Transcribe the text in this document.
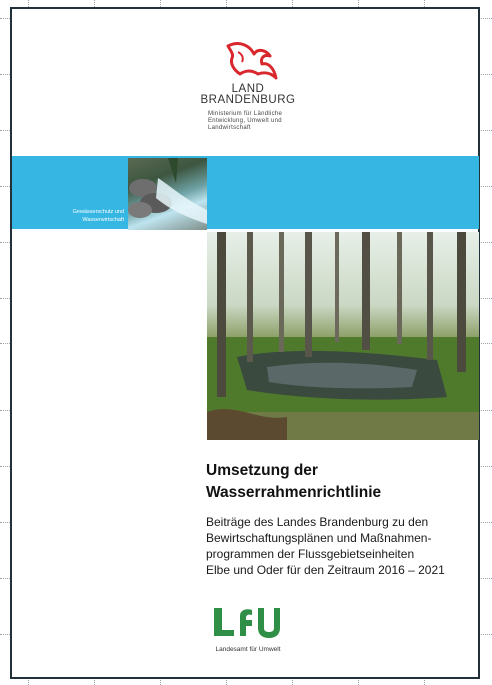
LAND
BRANDENBURG
Ministerium für Ländliche Entwicklung, Umwelt und Landwirtschaft
Gewässerschutz und Wasserwirtschaft
Umsetzung der
Wasserrahmenrichtlinie
Beiträge des Landes Brandenburg zu den
Bewirtschaftungsplänen und Maßnahmen-
programmen der Flussgebietseinheiten
Elbe und Oder für den Zeitraum 2016 – 2021
Landesamt für Umwelt
